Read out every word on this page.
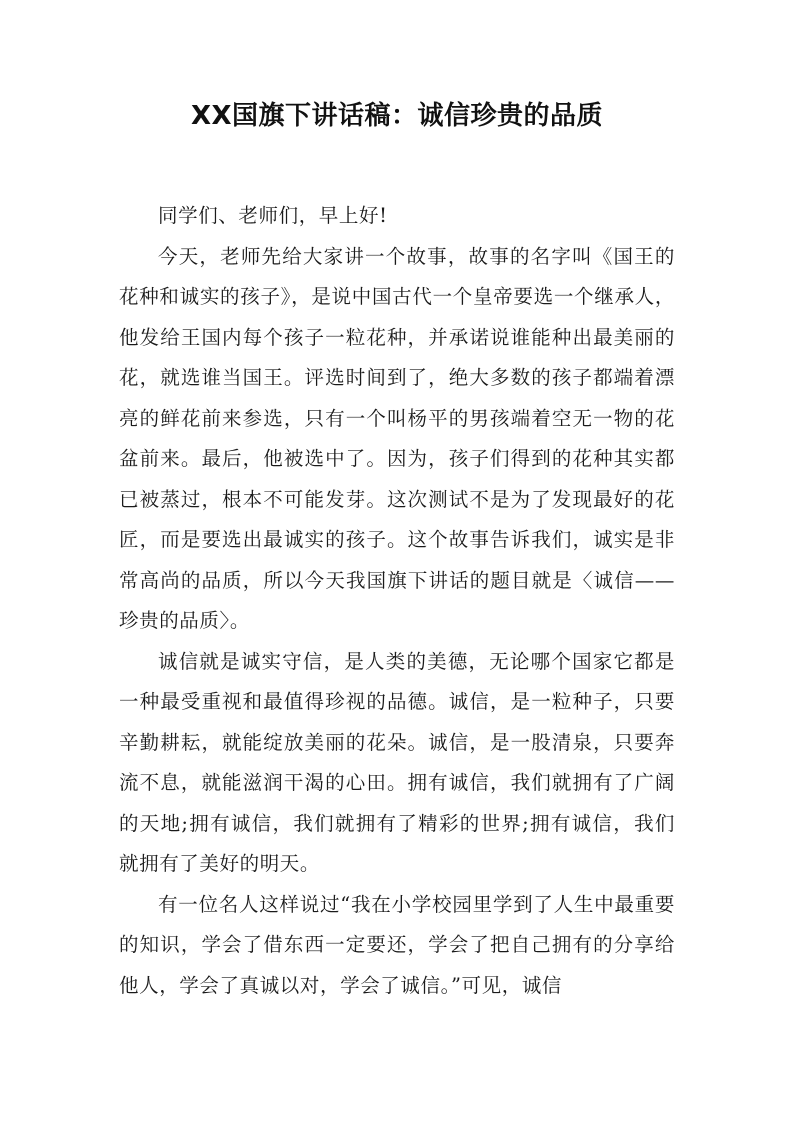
XX国旗下讲话稿：诚信珍贵的品质

同学们、老师们，早上好!

今天，老师先给大家讲一个故事，故事的名字叫《国王的花种和诚实的孩子》，是说中国古代一个皇帝要选一个继承人，他发给王国内每个孩子一粒花种，并承诺说谁能种出最美丽的花，就选谁当国王。评选时间到了，绝大多数的孩子都端着漂亮的鲜花前来参选，只有一个叫杨平的男孩端着空无一物的花盆前来。最后，他被选中了。因为，孩子们得到的花种其实都已被蒸过，根本不可能发芽。这次测试不是为了发现最好的花匠，而是要选出最诚实的孩子。这个故事告诉我们，诚实是非常高尚的品质，所以今天我国旗下讲话的题目就是〈诚信——珍贵的品质〉。

诚信就是诚实守信，是人类的美德，无论哪个国家它都是一种最受重视和最值得珍视的品德。诚信，是一粒种子，只要辛勤耕耘，就能绽放美丽的花朵。诚信，是一股清泉，只要奔流不息，就能滋润干渴的心田。拥有诚信，我们就拥有了广阔的天地;拥有诚信，我们就拥有了精彩的世界;拥有诚信，我们就拥有了美好的明天。

有一位名人这样说过“我在小学校园里学到了人生中最重要的知识，学会了借东西一定要还，学会了把自己拥有的分享给他人，学会了真诚以对，学会了诚信。”可见，诚信
